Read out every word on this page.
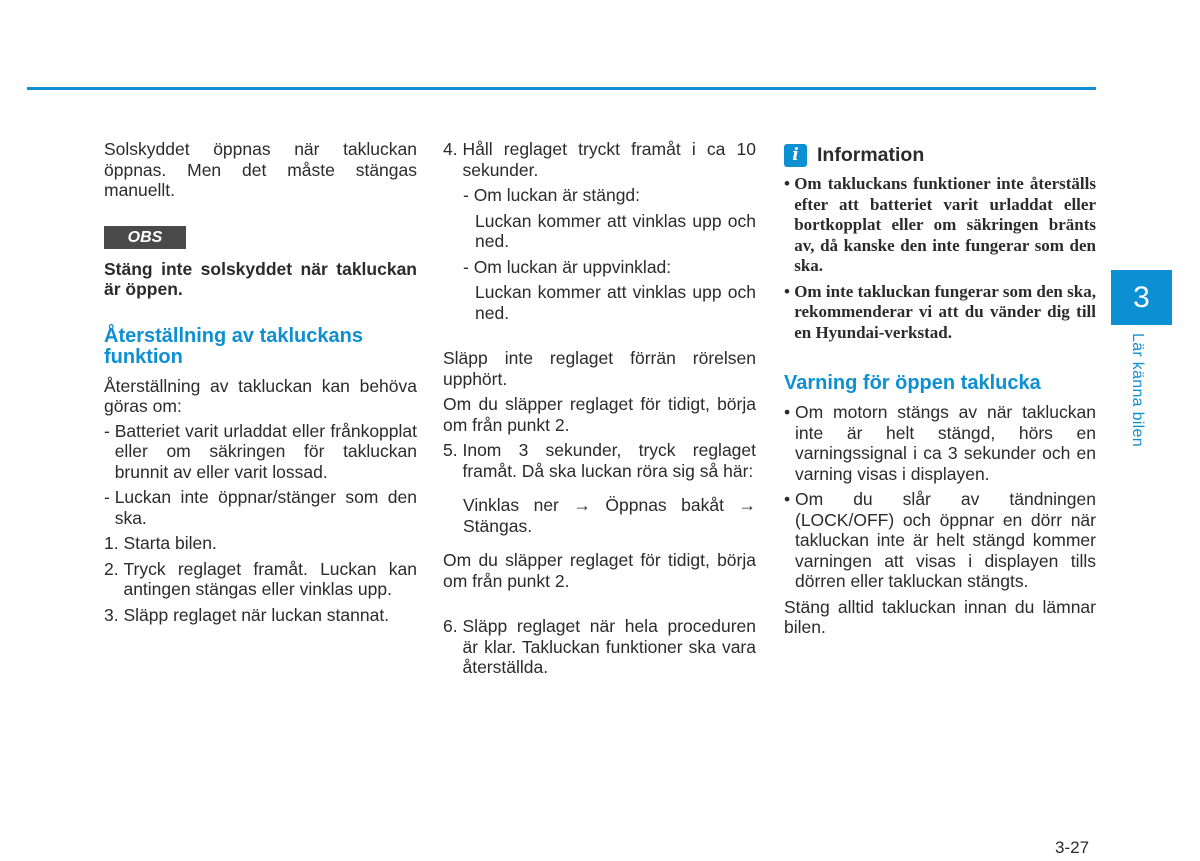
Solskyddet öppnas när takluckan öppnas. Men det måste stängas manuellt.

OBS

Stäng inte solskyddet när takluckan är öppen.

Återställning av takluckans funktion

Återställning av takluckan kan behöva göras om:

- Batteriet varit urladdat eller frånkopplat eller om säkringen för takluckan brunnit av eller varit lossad.
- Luckan inte öppnar/stänger som den ska.
1. Starta bilen.
2. Tryck reglaget framåt. Luckan kan antingen stängas eller vinklas upp.
3. Släpp reglaget när luckan stannat.
4. Håll reglaget tryckt framåt i ca 10 sekunder.

- Om luckan är stängd:

Luckan kommer att vinklas upp och ned.

- Om luckan är uppvinklad:

Luckan kommer att vinklas upp och ned.

Släpp inte reglaget förrän rörelsen upphört.

Om du släpper reglaget för tidigt, börja om från punkt 2.

5. Inom 3 sekunder, tryck reglaget framåt. Då ska luckan röra sig så här:

Vinklas ner → Öppnas bakåt → Stängas.

Om du släpper reglaget för tidigt, börja om från punkt 2.

6. Släpp reglaget när hela proceduren är klar. Takluckan funktioner ska vara återställda.
i Information
• Om takluckans funktioner inte återställs efter att batteriet varit urladdat eller bortkopplat eller om säkringen bränts av, då kanske den inte fungerar som den ska.
• Om inte takluckan fungerar som den ska, rekommenderar vi att du vänder dig till en Hyundai-verkstad.

Varning för öppen taklucka

• Om motorn stängs av när takluckan inte är helt stängd, hörs en varningssignal i ca 3 sekunder och en varning visas i displayen.
• Om du slår av tändningen (LOCK/OFF) och öppnar en dörr när takluckan inte är helt stängd kommer varningen att visas i displayen tills dörren eller takluckan stängts.

Stäng alltid takluckan innan du lämnar bilen.

3
Lär känna bilen
3-27
